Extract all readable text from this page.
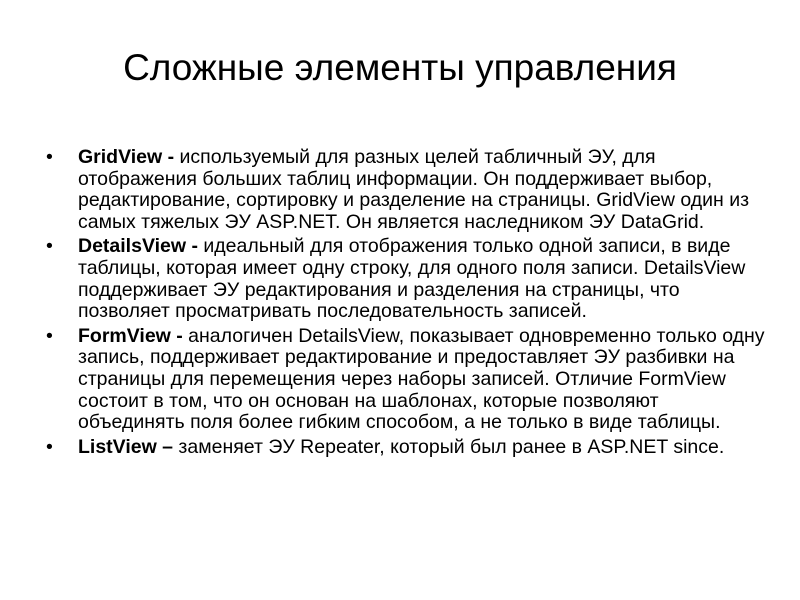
Сложные элементы управления
• GridView - используемый для разных целей табличный ЭУ, для отображения больших таблиц информации. Он поддерживает выбор, редактирование, сортировку и разделение на страницы. GridView один из самых тяжелых ЭУ ASP.NET. Он является наследником ЭУ DataGrid.
• DetailsView - идеальный для отображения только одной записи, в виде таблицы, которая имеет одну строку, для одного поля записи. DetailsView поддерживает ЭУ редактирования и разделения на страницы, что позволяет просматривать последовательность записей.
• FormView - аналогичен DetailsView, показывает одновременно только одну запись, поддерживает редактирование и предоставляет ЭУ разбивки на страницы для перемещения через наборы записей. Отличие FormView состоит в том, что он основан на шаблонах, которые позволяют объединять поля более гибким способом, а не только в виде таблицы.
• ListView – заменяет ЭУ Repeater, который был ранее в ASP.NET since.
